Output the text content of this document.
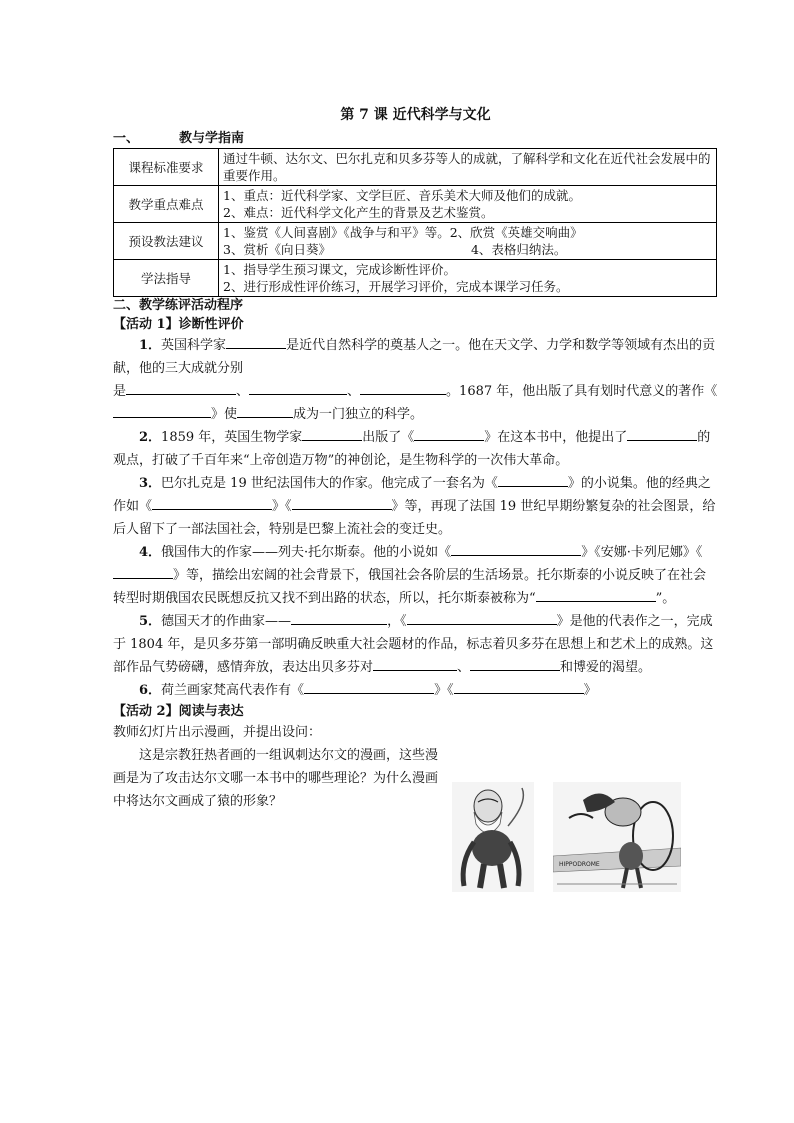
第 7 课 近代科学与文化
一、	教与学指南
课程标准要求	通过牛顿、达尔文、巴尔扎克和贝多芬等人的成就，了解科学和文化在近代社会发展中的重要作用。
教学重点难点	1、重点：近代科学家、文学巨匠、音乐美术大师及他们的成就。
2、难点：近代科学文化产生的背景及艺术鉴赏。

预设教法建议	1、鉴赏《人间喜剧》《战争与和平》等。2、欣赏《英雄交响曲》
3、赏析《向日葵》 4、表格归纳法。

学法指导	1、指导学生预习课文，完成诊断性评价。
2、进行形成性评价练习，开展学习评价，完成本课学习任务。
二、教学练评活动程序
【活动 1】诊断性评价

1．英国科学家	是近代自然科学的奠基人之一。他在天文学、力学和数学等领域有杰出的贡献，他的三大成就分别

是	、	、	。1687 年，他出版了具有划时代意义的著作《》使	成为一门独立的科学。

2．1859 年，英国生物学家	出版了《	》在这本书中，他提出了	的观点，打破了千百年来“上帝创造万物”的神创论，是生物科学的一次伟大革命。

3．巴尔扎克是 19 世纪法国伟大的作家。他完成了一套名为《	》的小说集。他的经典之作如《	》《	》等，再现了法国 19 世纪早期纷繁复杂的社会图景，给后人留下了一部法国社会，特别是巴黎上流社会的变迁史。

4．俄国伟大的作家——列夫·托尔斯泰。他的小说如《	》《安娜·卡列尼娜》《》等，描绘出宏阔的社会背景下，俄国社会各阶层的生活场景。托尔斯泰的小说反映了在社会转型时期俄国农民既想反抗又找不到出路的状态，所以，托尔斯泰被称为“	”。

5．德国天才的作曲家——	，《	》是他的代表作之一，完成于 1804 年，是贝多芬第一部明确反映重大社会题材的作品，标志着贝多芬在思想上和艺术上的成熟。这部作品气势磅礴，感情奔放，表达出贝多芬对	、	和博爱的渴望。

6．荷兰画家梵高代表作有《	》《	》

【活动 2】阅读与表达

教师幻灯片出示漫画，并提出设问：

这是宗教狂热者画的一组讽刺达尔文的漫画，这些漫画是为了攻击达尔文哪一本书中的哪些理论？为什么漫画中将达尔文画成了猿的形象？

HIPPODROME
